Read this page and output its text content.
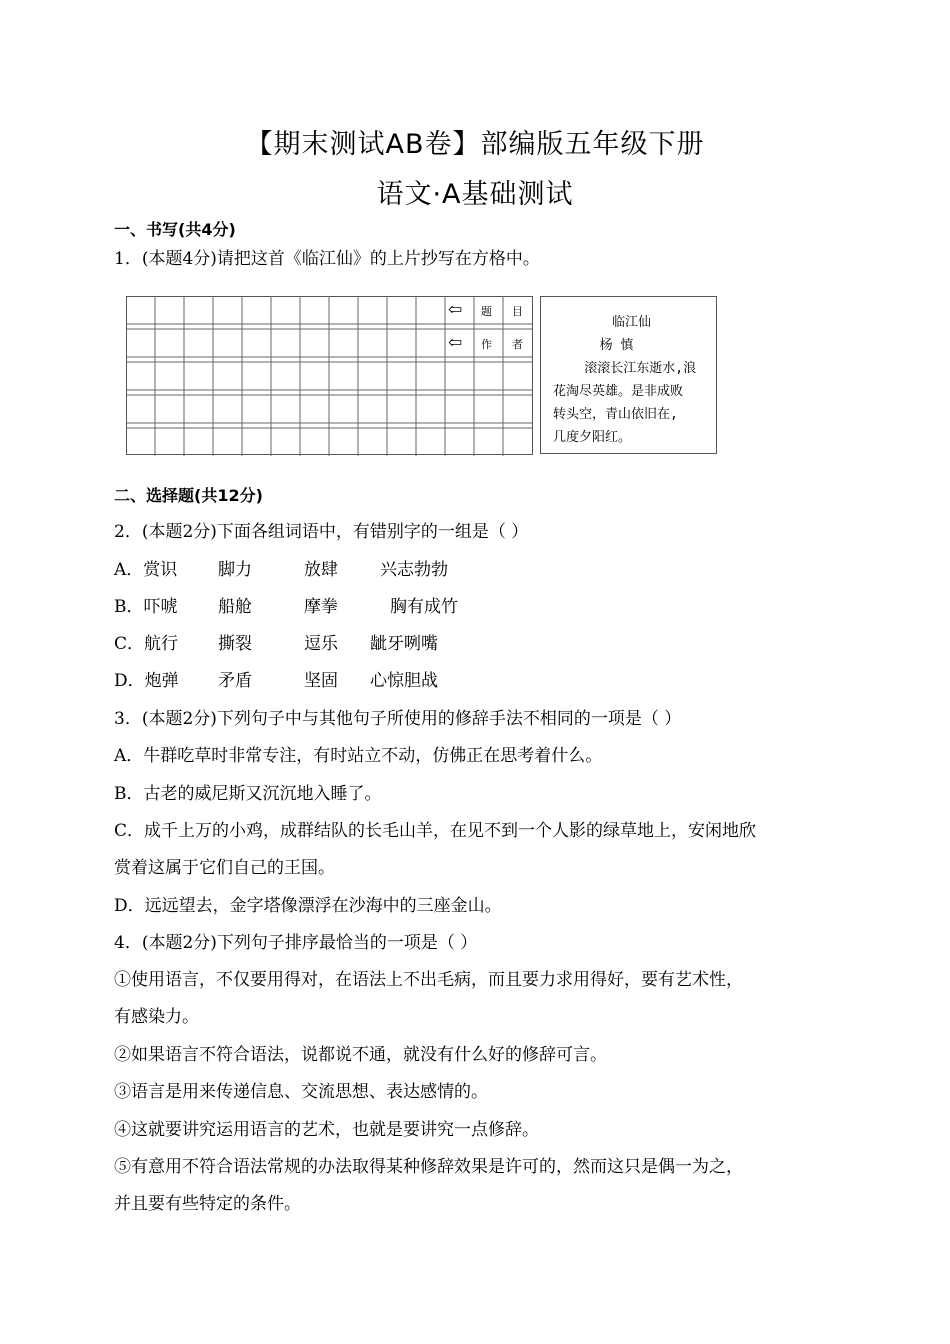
【期末测试AB卷】部编版五年级下册
语文·A基础测试
一、书写(共4分)
1．(本题4分)请把这首《临江仙》的上片抄写在方格中。
⇦ 题 目
⇦ 作 者
临江仙
杨 慎
滚滚长江东逝水,浪
花淘尽英雄。是非成败
转头空，青山依旧在,
几度夕阳红。
二、选择题(共12分)
2．(本题2分)下面各组词语中，有错别字的一组是（ ）
A．赏识 脚力	放肆 兴志勃勃
B．吓唬 船舱	摩拳	胸有成竹
C．航行 撕裂	逗乐 龇牙咧嘴
D．炮弹 矛盾	坚固 心惊胆战
3．(本题2分)下列句子中与其他句子所使用的修辞手法不相同的一项是（ ）
A．牛群吃草时非常专注，有时站立不动，仿佛正在思考着什么。
B．古老的威尼斯又沉沉地入睡了。
C．成千上万的小鸡，成群结队的长毛山羊，在见不到一个人影的绿草地上，安闲地欣
赏着这属于它们自己的王国。
D．远远望去，金字塔像漂浮在沙海中的三座金山。
4．(本题2分)下列句子排序最恰当的一项是（ ）
①使用语言，不仅要用得对，在语法上不出毛病，而且要力求用得好，要有艺术性，
有感染力。
②如果语言不符合语法，说都说不通，就没有什么好的修辞可言。
③语言是用来传递信息、交流思想、表达感情的。
④这就要讲究运用语言的艺术，也就是要讲究一点修辞。
⑤有意用不符合语法常规的办法取得某种修辞效果是许可的，然而这只是偶一为之，
并且要有些特定的条件。
